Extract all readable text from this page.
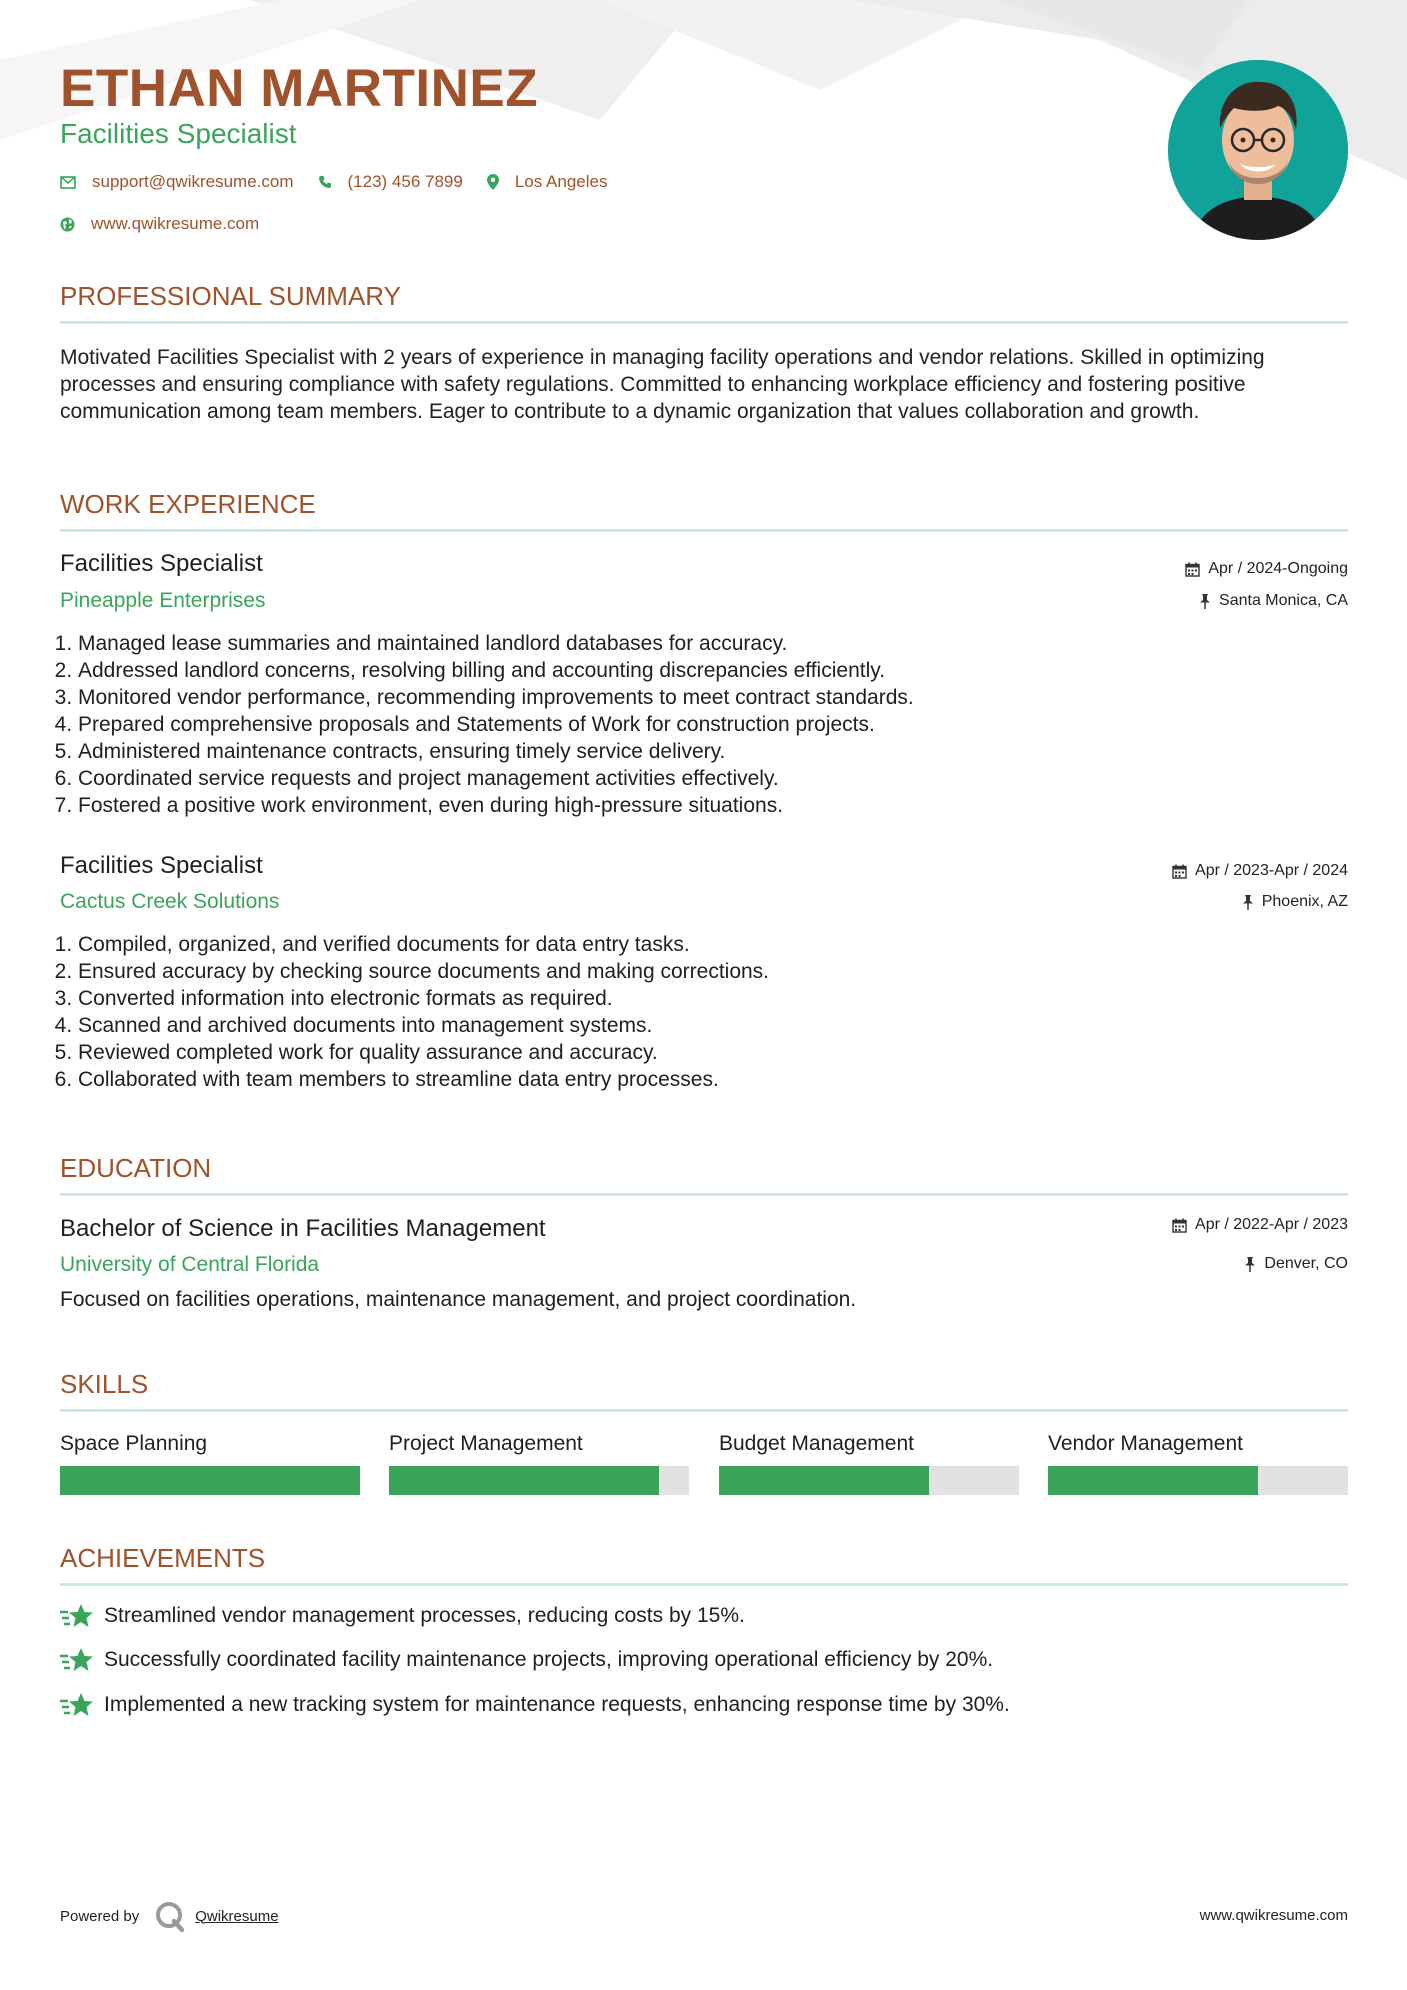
ETHAN MARTINEZ
Facilities Specialist
support@qwikresume.com	(123) 456 7899	Los Angeles
www.qwikresume.com
PROFESSIONAL SUMMARY
Motivated Facilities Specialist with 2 years of experience in managing facility operations and vendor relations. Skilled in optimizing processes and ensuring compliance with safety regulations. Committed to enhancing workplace efficiency and fostering positive communication among team members. Eager to contribute to a dynamic organization that values collaboration and growth.
WORK EXPERIENCE
Facilities Specialist
Pineapple Enterprises
Apr / 2024-Ongoing
Santa Monica, CA
1. Managed lease summaries and maintained landlord databases for accuracy.
2. Addressed landlord concerns, resolving billing and accounting discrepancies efficiently.
3. Monitored vendor performance, recommending improvements to meet contract standards.
4. Prepared comprehensive proposals and Statements of Work for construction projects.
5. Administered maintenance contracts, ensuring timely service delivery.
6. Coordinated service requests and project management activities effectively.
7. Fostered a positive work environment, even during high-pressure situations.
Facilities Specialist
Cactus Creek Solutions
Apr / 2023-Apr / 2024
Phoenix, AZ
1. Compiled, organized, and verified documents for data entry tasks.
2. Ensured accuracy by checking source documents and making corrections.
3. Converted information into electronic formats as required.
4. Scanned and archived documents into management systems.
5. Reviewed completed work for quality assurance and accuracy.
6. Collaborated with team members to streamline data entry processes.
EDUCATION
Bachelor of Science in Facilities Management
University of Central Florida
Apr / 2022-Apr / 2023
Denver, CO
Focused on facilities operations, maintenance management, and project coordination.
SKILLS
Space Planning	Project Management	Budget Management	Vendor Management
ACHIEVEMENTS
Streamlined vendor management processes, reducing costs by 15%.
Successfully coordinated facility maintenance projects, improving operational efficiency by 20%.
Implemented a new tracking system for maintenance requests, enhancing response time by 30%.
Powered by	Qwikresume	www.qwikresume.com
